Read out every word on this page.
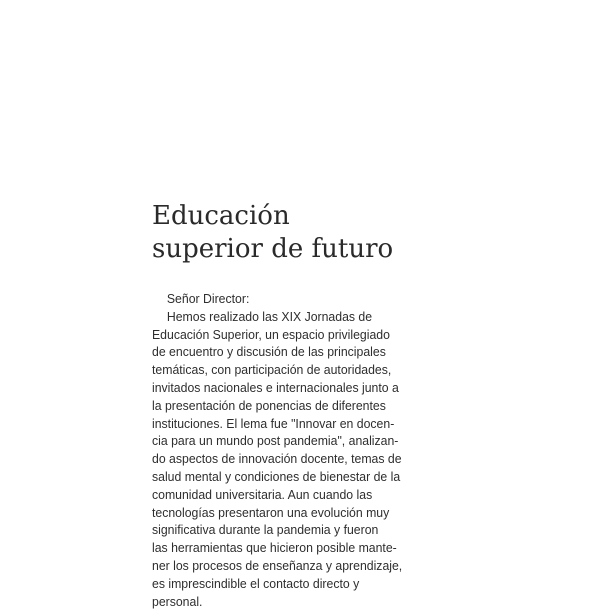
Educación
superior de futuro
Señor Director:
Hemos realizado las XIX Jornadas de
Educación Superior, un espacio privilegiado
de encuentro y discusión de las principales
temáticas, con participación de autoridades,
invitados nacionales e internacionales junto a
la presentación de ponencias de diferentes
instituciones. El lema fue "Innovar en docen-
cia para un mundo post pandemia", analizan-
do aspectos de innovación docente, temas de
salud mental y condiciones de bienestar de la
comunidad universitaria. Aun cuando las
tecnologías presentaron una evolución muy
significativa durante la pandemia y fueron
las herramientas que hicieron posible mante-
ner los procesos de enseñanza y aprendizaje,
es imprescindible el contacto directo y
personal.
